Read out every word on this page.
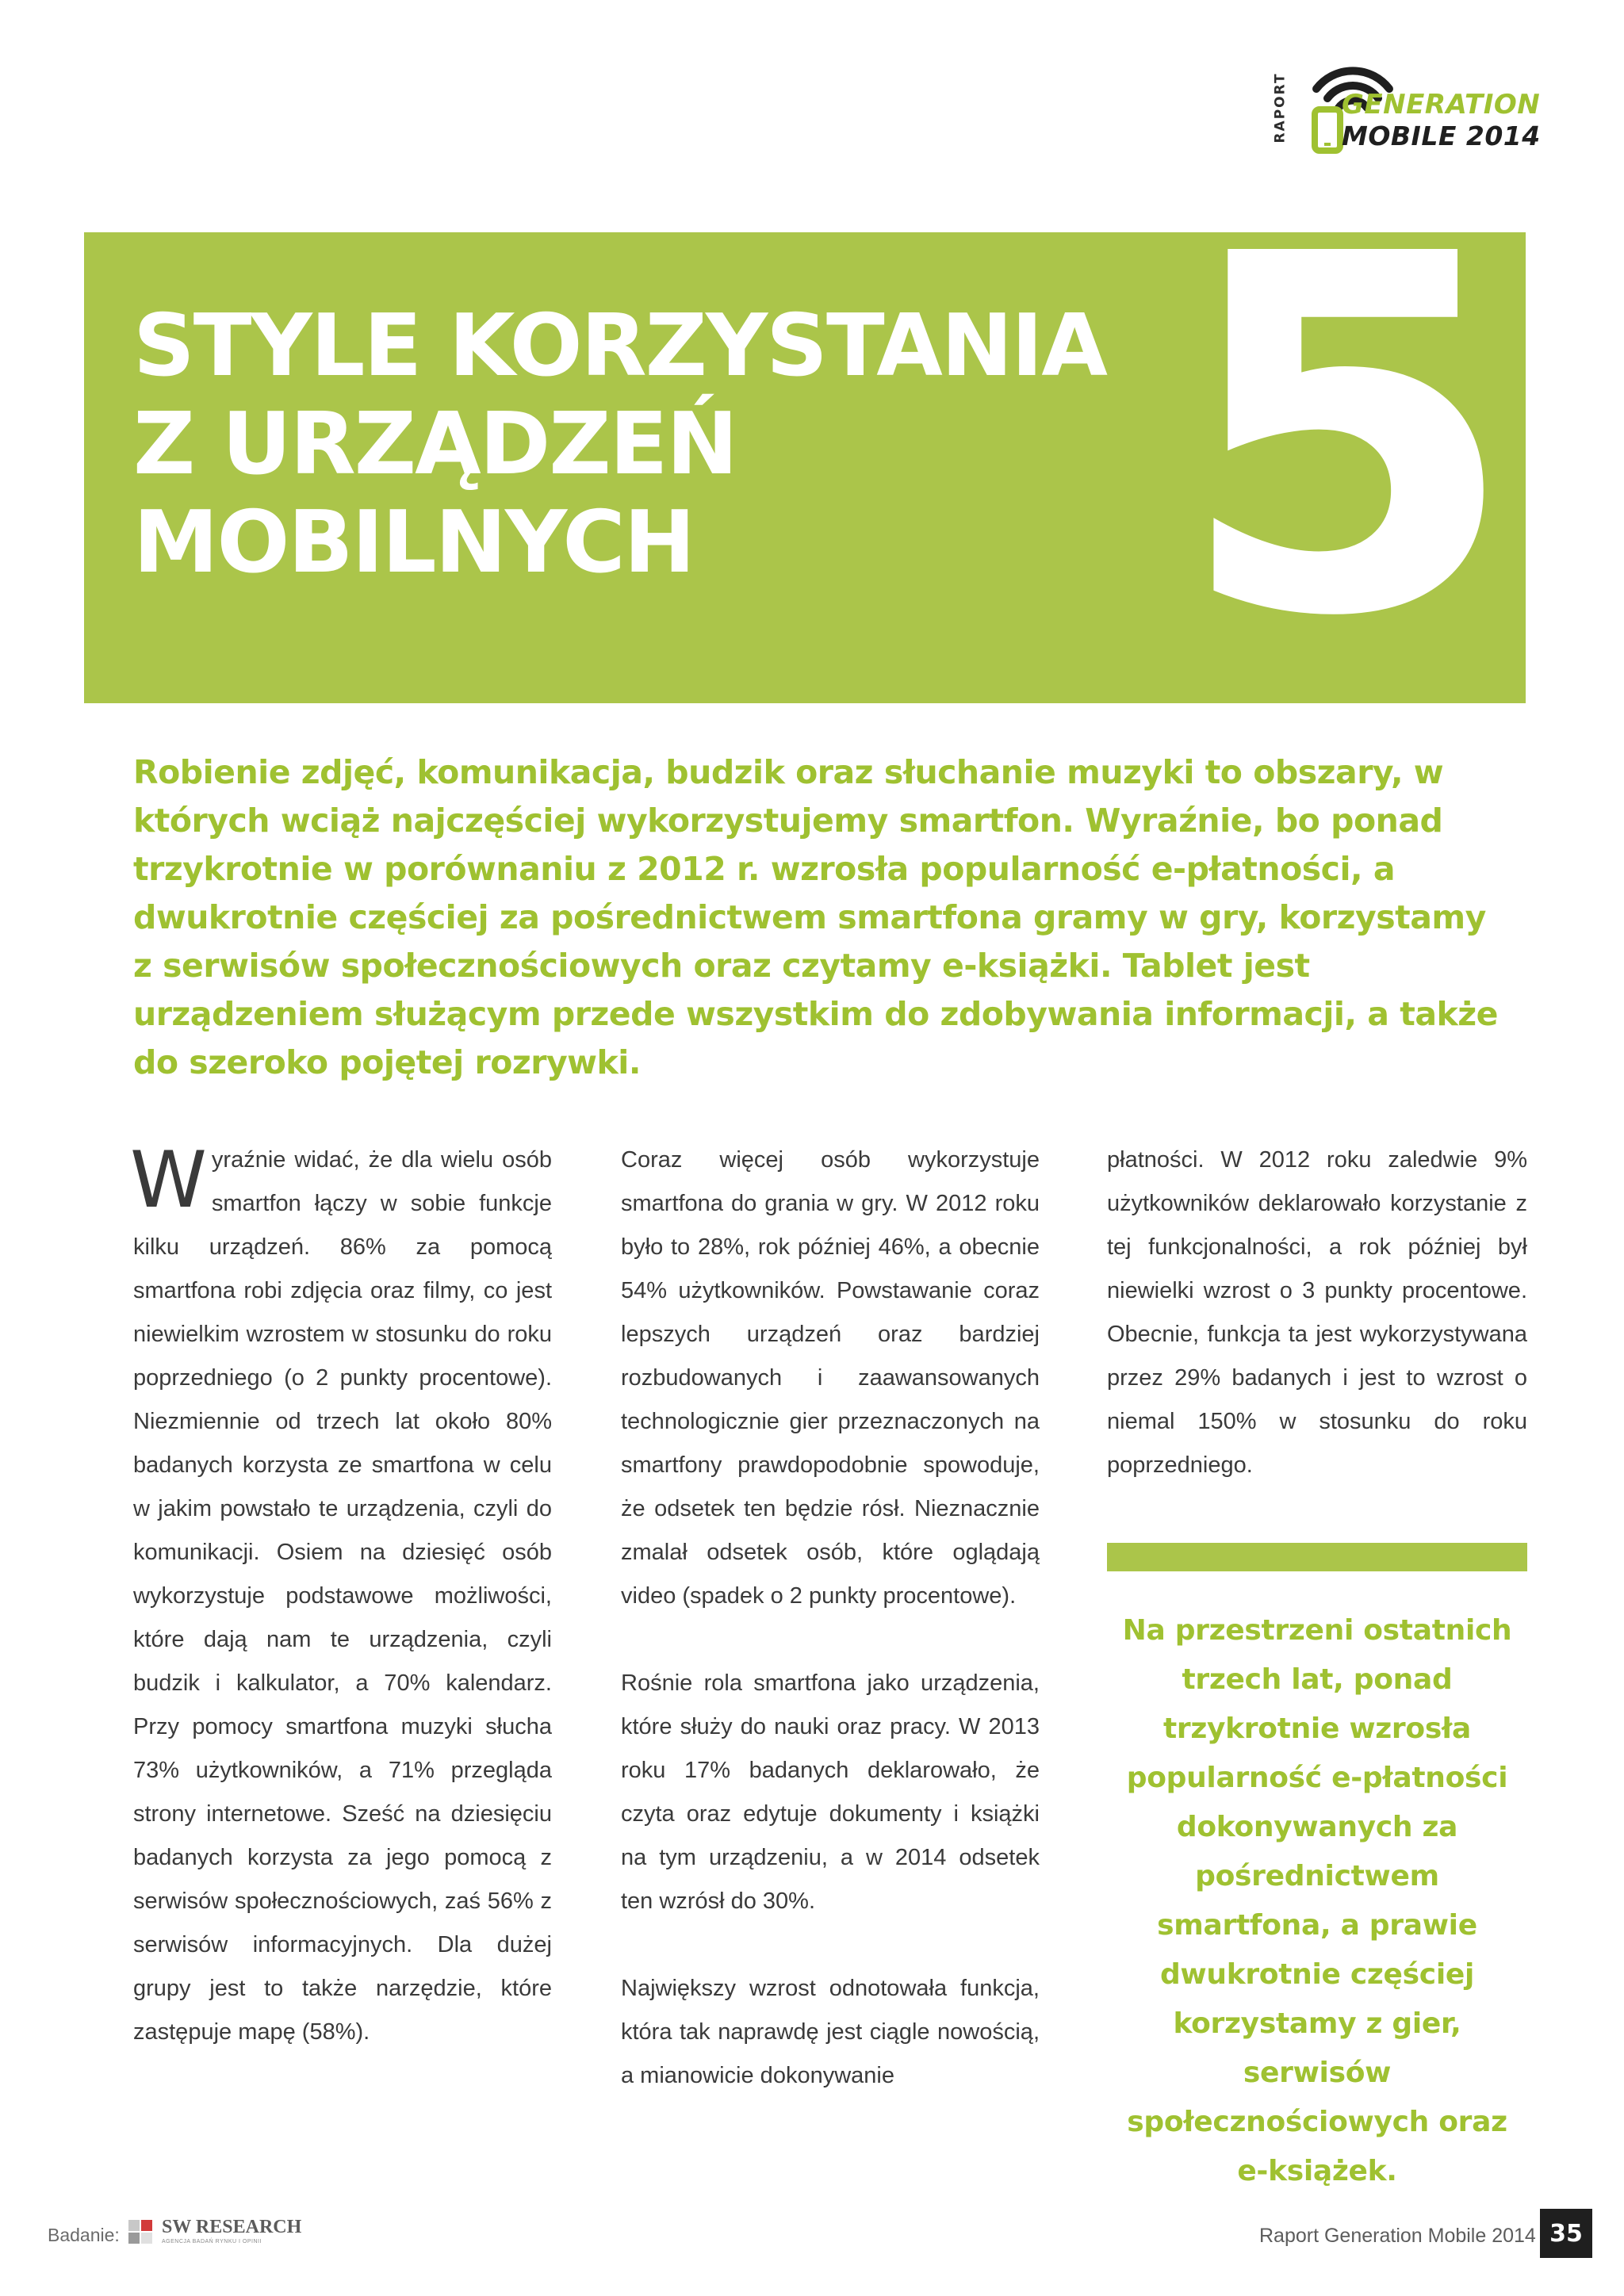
RAPORT GENERATION
MOBILE 2014
STYLE KORZYSTANIA
Z URZĄDZEŃ
MOBILNYCH 5

Robienie zdjęć, komunikacja, budzik oraz słuchanie muzyki to obszary, w których wciąż najczęściej wykorzystujemy smartfon. Wyraźnie, bo ponad trzykrotnie w porównaniu z 2012 r. wzrosła popularność e-płatności, a dwukrotnie częściej za pośrednictwem smartfona gramy w gry, korzystamy z serwisów społecznościowych oraz czytamy e-książki. Tablet jest urządzeniem służącym przede wszystkim do zdobywania informacji, a także do szeroko pojętej rozrywki.

Wyraźnie widać, że dla wielu osób smartfon łączy w sobie funkcje kilku urządzeń. 86% za pomocą smartfona robi zdjęcia oraz filmy, co jest niewielkim wzrostem w stosunku do roku poprzedniego (o 2 punkty procentowe). Niezmiennie od trzech lat około 80% badanych korzysta ze smartfona w celu w jakim powstało te urządzenia, czyli do komunikacji. Osiem na dziesięć osób wykorzystuje podstawowe możliwości, które dają nam te urządzenia, czyli budzik i kalkulator, a 70% kalendarz. Przy pomocy smartfona muzyki słucha 73% użytkowników, a 71% przegląda strony internetowe. Sześć na dziesięciu badanych korzysta za jego pomocą z serwisów społecznościowych, zaś 56% z serwisów informacyjnych. Dla dużej grupy jest to także narzędzie, które zastępuje mapę (58%).

Coraz więcej osób wykorzystuje smartfona do grania w gry. W 2012 roku było to 28%, rok później 46%, a obecnie 54% użytkowników. Powstawanie coraz lepszych urządzeń oraz bardziej rozbudowanych i zaawansowanych technologicznie gier przeznaczonych na smartfony prawdopodobnie spowoduje, że odsetek ten będzie rósł. Nieznacznie zmalał odsetek osób, które oglądają video (spadek o 2 punkty procentowe).

Rośnie rola smartfona jako urządzenia, które służy do nauki oraz pracy. W 2013 roku 17% badanych deklarowało, że czyta oraz edytuje dokumenty i książki na tym urządzeniu, a w 2014 odsetek ten wzrósł do 30%.

Największy wzrost odnotowała funkcja, która tak naprawdę jest ciągle nowością, a mianowicie dokonywanie

płatności. W 2012 roku zaledwie 9% użytkowników deklarowało korzystanie z tej funkcjonalności, a rok później był niewielki wzrost o 3 punkty procentowe. Obecnie, funkcja ta jest wykorzystywana przez 29% badanych i jest to wzrost o niemal 150% w stosunku do roku poprzedniego.

Na przestrzeni ostatnich trzech lat, ponad trzykrotnie wzrosła popularność e-płatności dokonywanych za pośrednictwem smartfona, a prawie dwukrotnie częściej korzystamy z gier, serwisów społecznościowych oraz e-książek.

Badanie: SW RESEARCH
AGENCJA BADAŃ RYNKU I OPINII	Raport Generation Mobile 2014 35
